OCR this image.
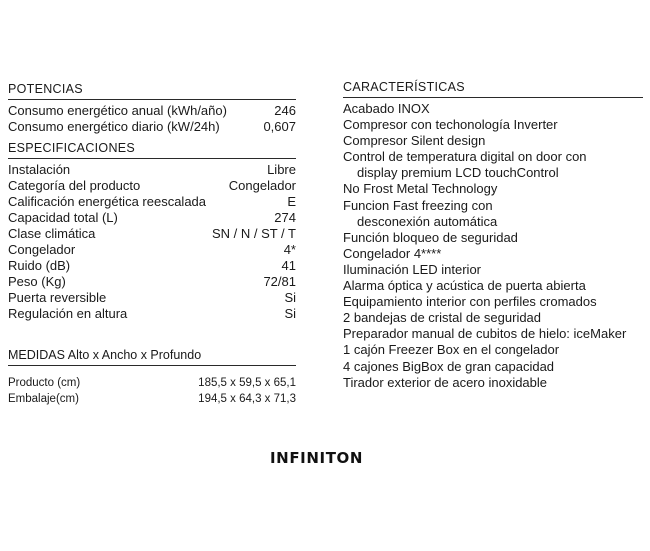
POTENCIAS
Consumo energético anual (kWh/año)	246
Consumo energético diario (kW/24h)	0,607
ESPECIFICACIONES
Instalación	Libre
Categoría del producto	Congelador
Calificación energética reescalada	E
Capacidad total (L)	274
Clase climática	SN / N / ST / T
Congelador	4*
Ruido (dB)	41
Peso (Kg)	72/81
Puerta reversible	Si
Regulación en altura	Si
MEDIDAS Alto x Ancho x Profundo
Producto (cm)	185,5 x 59,5 x 65,1
Embalaje(cm)	194,5 x 64,3 x 71,3
CARACTERÍSTICAS
Acabado INOX
Compresor con techonología Inverter
Compresor Silent design
Control de temperatura digital on door con
display premium LCD touchControl
No Frost Metal Technology
Funcion Fast freezing con
desconexión automática
Función bloqueo de seguridad
Congelador 4****
Iluminación LED interior
Alarma óptica y acústica de puerta abierta
Equipamiento interior con perfiles cromados
2 bandejas de cristal de seguridad
Preparador manual de cubitos de hielo: iceMaker
1 cajón Freezer Box en el congelador
4 cajones BigBox de gran capacidad
Tirador exterior de acero inoxidable
INFINITON
